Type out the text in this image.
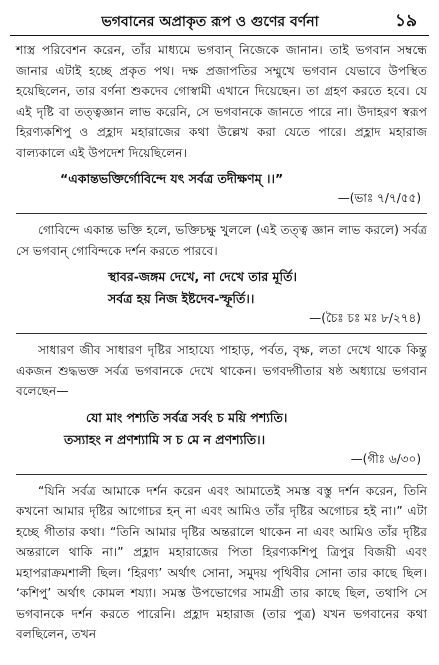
ভগবানের অপ্রাকৃত রূপ ও গুণের বর্ণনা	১৯

শাস্ত্র পরিবেশন করেন, তাঁর মাধ্যমে ভগবান্ নিজেকে জানান। তাই ভগবান সম্বন্ধে জানার এটাই হচ্ছে প্রকৃত পথ। দক্ষ প্রজাপতির সম্মুখে ভগবান যেভাবে উপস্থিত হয়েছিলেন, তার বর্ণনা শুকদেব গোস্বামী এখানে দিয়েছেন। তা গ্রহণ করতে হবে। যে এই দৃষ্টি বা তত্ত্বজ্ঞান লাভ করেনি, সে ভগবানকে জানতে পারে না। উদাহরণ স্বরূপ হিরণ্যকশিপু ও প্রহ্লাদ মহারাজের কথা উল্লেখ করা যেতে পারে। প্রহ্লাদ মহারাজ বাল্যকালে এই উপদেশ দিয়েছিলেন।

“একান্তভক্তির্গোবিন্দে যৎ সর্বত্র তদীক্ষণম্ ।।”
—(ভাঃ ৭/৭/৫৫)

গোবিন্দে একান্ত ভক্তি হলে, ভক্তিচক্ষু খুললে (এই তত্ত্ব জ্ঞান লাভ করলে) সর্বত্র সে ভগবান্ গোবিন্দকে দর্শন করতে পারবে।

স্থাবর-জঙ্গম দেখে, না দেখে তার মূর্তি।
সর্বত্র হয় নিজ ইষ্টদেব-স্ফূর্তি।।
—(চৈঃ চঃ মঃ ৮/২৭৪)

সাধারণ জীব সাধারণ দৃষ্টির সাহায্যে পাহাড়, পর্বত, বৃক্ষ, লতা দেখে থাকে কিন্তু একজন শুদ্ধভক্ত সর্বত্র ভগবানকে দেখে থাকেন। ভগবদ্গীতার ষষ্ঠ অধ্যায়ে ভগবান বলেছেন—

যো মাং পশ্যতি সর্বত্র সর্বং চ ময়ি পশ্যতি।
তস্যাহং ন প্রণশ্যামি স চ মে ন প্রণশ্যতি।।
—(গীঃ ৬/৩০)

“যিনি সর্বত্র আমাকে দর্শন করেন এবং আমাতেই সমস্ত বস্তু দর্শন করেন, তিনি কখনো আমার দৃষ্টির আগোচর হন্ না এবং আমিও তাঁর দৃষ্টির অগোচর হই না।” এটা হচ্ছে গীতার কথা। “তিনি আমার দৃষ্টির অন্তরালে থাকেন না এবং আমিও তাঁর দৃষ্টির অন্তরালে থাকি না।” প্রহ্লাদ মহারাজের পিতা হিরণ্যকশিপু ত্রিপুর বিজয়ী এবং মহাপরাক্রমশালী ছিল। ‘হিরণ্য’ অর্থাৎ সোনা, সমুদয় পৃথিবীর সোনা তার কাছে ছিল। ‘কশিপু’ অর্থাৎ কোমল শয্যা। সমস্ত উপভোগের সামগ্রী তার কাছে ছিল, তথাপি সে ভগবানকে দর্শন করতে পারেনি। প্রহ্লাদ মহারাজ (তার পুত্র) যখন ভগবানের কথা বলছিলেন, তখন
